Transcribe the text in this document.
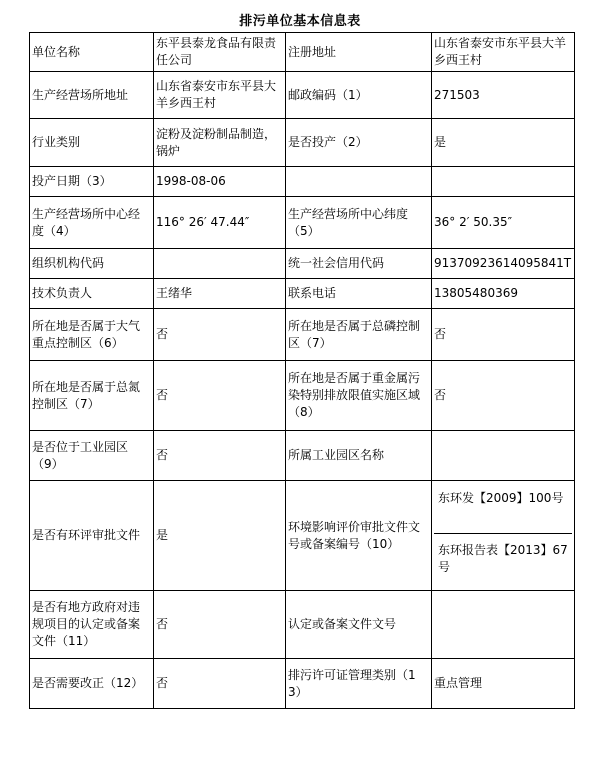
排污单位基本信息表
单位名称	东平县泰龙食品有限责任公司	注册地址	山东省泰安市东平县大羊乡西王村
生产经营场所地址	山东省泰安市东平县大羊乡西王村	邮政编码（1）	271503
行业类别	淀粉及淀粉制品制造，锅炉	是否投产（2）	是
投产日期（3）	1998-08-06		
生产经营场所中心经度（4）	116° 26′ 47.44″	生产经营场所中心纬度（5）	36° 2′ 50.35″
组织机构代码		统一社会信用代码	91370923614095841T
技术负责人	王绪华	联系电话	13805480369
所在地是否属于大气重点控制区（6）	否	所在地是否属于总磷控制区（7）	否
所在地是否属于总氮控制区（7）	否	所在地是否属于重金属污染特别排放限值实施区域（8）	否
是否位于工业园区（9）	否	所属工业园区名称	
是否有环评审批文件	是	环境影响评价审批文件文号或备案编号（10）	东环发【2009】100号
东环报告表【2013】67号

是否有地方政府对违规项目的认定或备案文件（11）	否	认定或备案文件文号	
是否需要改正（12）	否	排污许可证管理类别（13）	重点管理
